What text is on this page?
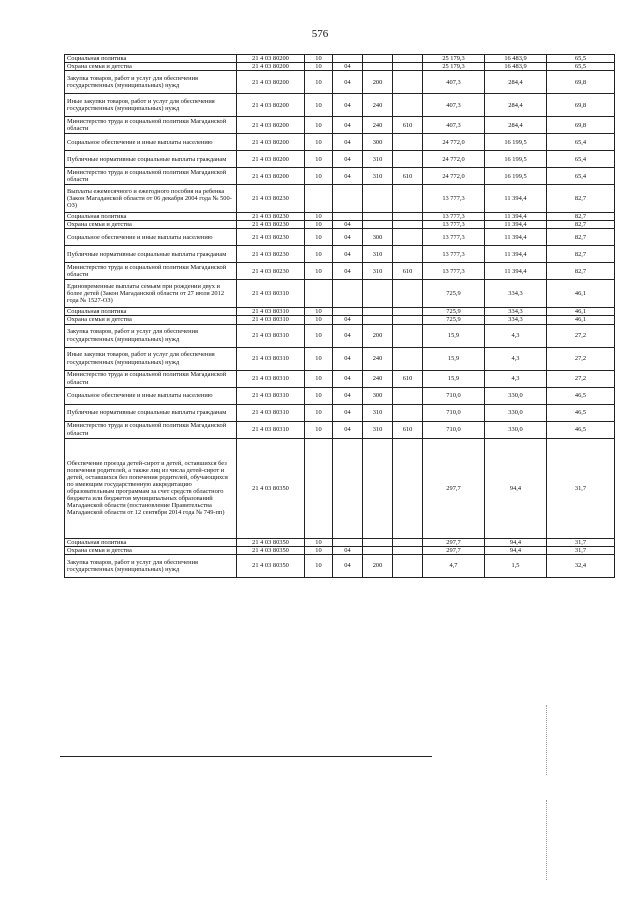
576
Социальная политика	21 4 03 80200	10				25 179,3	16 483,9	65,5
Охрана семьи и детства	21 4 03 80200	10	04			25 179,3	16 483,9	65,5
Закупка товаров, работ и услуг для обеспечения государственных (муниципальных) нужд	21 4 03 80200	10	04	200		407,3	284,4	69,8
Иные закупки товаров, работ и услуг для обеспечения государственных (муниципальных) нужд	21 4 03 80200	10	04	240		407,3	284,4	69,8
Министерство труда и социальной политики Магаданской области	21 4 03 80200	10	04	240	610	407,3	284,4	69,8
Социальное обеспечение и иные выплаты населению	21 4 03 80200	10	04	300		24 772,0	16 199,5	65,4
Публичные нормативные социальные выплаты гражданам	21 4 03 80200	10	04	310		24 772,0	16 199,5	65,4
Министерство труда и социальной политики Магаданской области	21 4 03 80200	10	04	310	610	24 772,0	16 199,5	65,4
Выплаты ежемесячного и ежегодного пособия на ребенка (Закон Магаданской области от 06 декабря 2004 года № 500-ОЗ)	21 4 03 80230					13 777,3	11 394,4	82,7
Социальная политика	21 4 03 80230	10				13 777,3	11 394,4	82,7
Охрана семьи и детства	21 4 03 80230	10	04			13 777,3	11 394,4	82,7
Социальное обеспечение и иные выплаты населению	21 4 03 80230	10	04	300		13 777,3	11 394,4	82,7
Публичные нормативные социальные выплаты гражданам	21 4 03 80230	10	04	310		13 777,3	11 394,4	82,7
Министерство труда и социальной политики Магаданской области	21 4 03 80230	10	04	310	610	13 777,3	11 394,4	82,7
Единовременные выплаты семьям при рождении двух и более детей (Закон Магаданской области от 27 июля 2012 года № 1527-ОЗ)	21 4 03 80310					725,9	334,3	46,1
Социальная политика	21 4 03 80310	10				725,9	334,3	46,1
Охрана семьи и детства	21 4 03 80310	10	04			725,9	334,3	46,1
Закупка товаров, работ и услуг для обеспечения государственных (муниципальных) нужд	21 4 03 80310	10	04	200		15,9	4,3	27,2
Иные закупки товаров, работ и услуг для обеспечения государственных (муниципальных) нужд	21 4 03 80310	10	04	240		15,9	4,3	27,2
Министерство труда и социальной политики Магаданской области	21 4 03 80310	10	04	240	610	15,9	4,3	27,2
Социальное обеспечение и иные выплаты населению	21 4 03 80310	10	04	300		710,0	330,0	46,5
Публичные нормативные социальные выплаты гражданам	21 4 03 80310	10	04	310		710,0	330,0	46,5
Министерство труда и социальной политики Магаданской области	21 4 03 80310	10	04	310	610	710,0	330,0	46,5
Обеспечение проезда детей-сирот и детей, оставшихся без попечения родителей, а также лиц из числа детей-сирот и детей, оставшихся без попечения родителей, обучающихся по имеющим государственную аккредитацию образовательным программам за счет средств областного бюджета или бюджетов муниципальных образований Магаданской области (постановление Правительства Магаданской области от 12 сентября 2014 года № 749-пп)	21 4 03 80350					297,7	94,4	31,7
Социальная политика	21 4 03 80350	10				297,7	94,4	31,7
Охрана семьи и детства	21 4 03 80350	10	04			297,7	94,4	31,7
Закупка товаров, работ и услуг для обеспечения государственных (муниципальных) нужд	21 4 03 80350	10	04	200		4,7	1,5	32,4
